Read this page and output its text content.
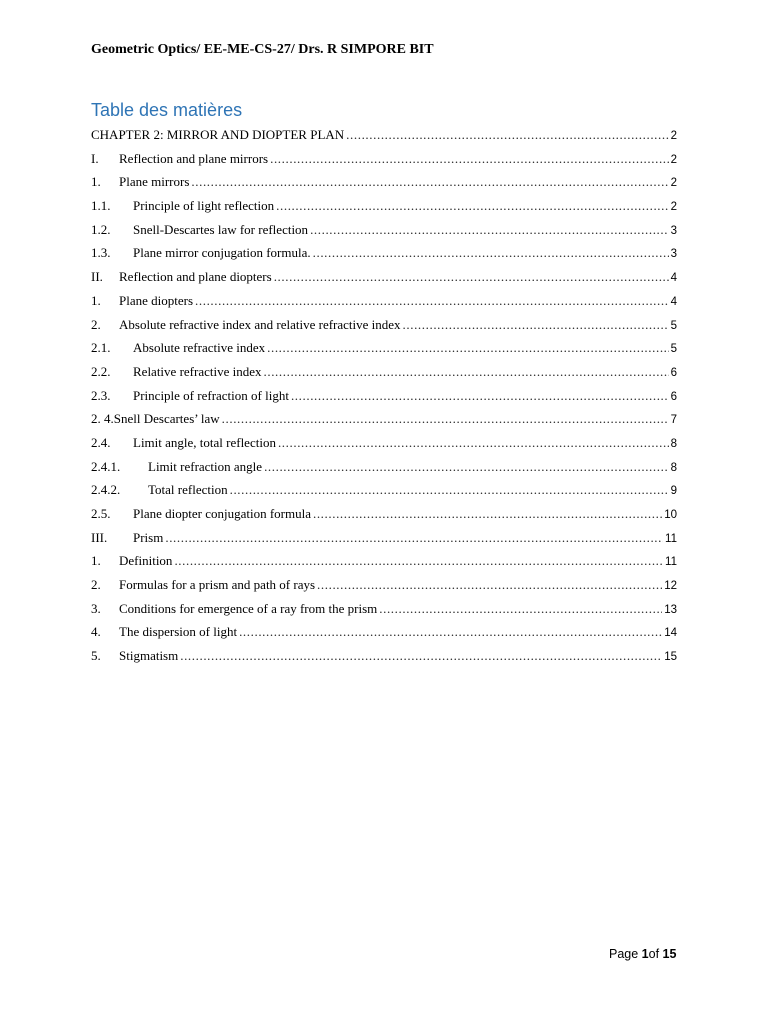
Geometric Optics/ EE-ME-CS-27/ Drs. R SIMPORE BIT
Table des matières
CHAPTER 2: MIRROR AND DIOPTER PLAN .....	2
I.	Reflection and plane mirrors .....	2
1.	Plane mirrors .....	2
1.1.	Principle of light reflection .....	2
1.2.	Snell-Descartes law for reflection .....	3
1.3.	Plane mirror conjugation formula. .....	3
II.	Reflection and plane diopters .....	4
1.	Plane diopters .....	4
2.	Absolute refractive index and relative refractive index .....	5
2.1.	Absolute refractive index .....	5
2.2.	Relative refractive index .....	6
2.3.	Principle of refraction of light .....	6
2. 4.Snell Descartes’ law .....	7
2.4.	Limit angle, total reflection .....	8
2.4.1.	Limit refraction angle .....	8
2.4.2.	Total reflection .....	9
2.5.	Plane diopter conjugation formula .....	10
III.	Prism .....	11
1.	Definition .....	11
2.	Formulas for a prism and path of rays .....	12
3.	Conditions for emergence of a ray from the prism .....	13
4.	The dispersion of light .....	14
5.	Stigmatism .....	15
Page 1of 15
